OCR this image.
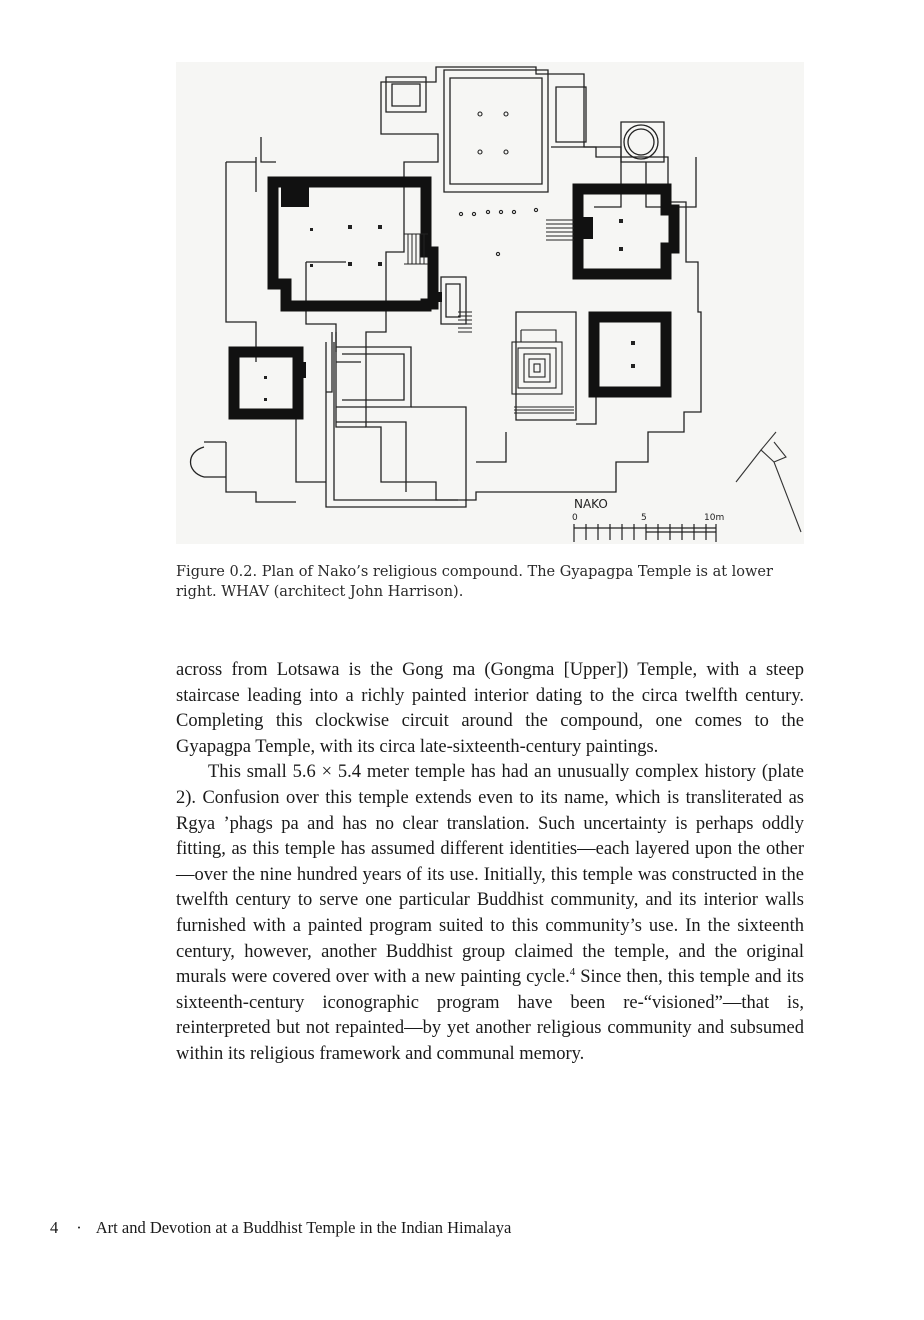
NAKO
0	5	10m
Figure 0.2. Plan of Nako’s religious compound. The Gyapagpa Temple is at lower right. WHAV (architect John Harrison).

across from Lotsawa is the Gong ma (Gongma [Upper]) Temple, with a steep staircase leading into a richly painted interior dating to the circa twelfth century. Completing this clockwise circuit around the compound, one comes to the Gyapagpa Temple, with its circa late-sixteenth-century paintings.

This small 5.6 × 5.4 meter temple has had an unusually complex history (plate 2). Confusion over this temple extends even to its name, which is transliterated as Rgya ’phags pa and has no clear translation. Such uncertainty is perhaps oddly fitting, as this temple has assumed different identities—each layered upon the other—over the nine hundred years of its use. Initially, this temple was constructed in the twelfth century to serve one particular Buddhist community, and its interior walls furnished with a painted program suited to this community’s use. In the sixteenth century, however, another Buddhist group claimed the temple, and the original murals were covered over with a new painting cycle.$^4$ Since then, this temple and its sixteenth-century iconographic program have been re-“visioned”—that is, reinterpreted but not repainted—by yet another religious community and subsumed within its religious framework and communal memory.

4 · Art and Devotion at a Buddhist Temple in the Indian Himalaya
